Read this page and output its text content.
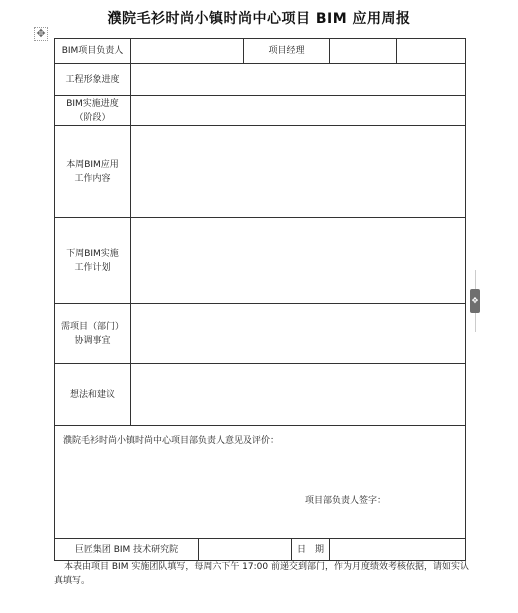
濮院毛衫时尚小镇时尚中心项目 BIM 应用周报
✥
BIM项目负责人			项目经理			
工程形象进度						

BIM实施进度
（阶段）						

本周BIM应用
工作内容						

下周BIM实施
工作计划						

需项目（部门）
协调事宜						

想法和建议						

濮院毛衫时尚小镇时尚中心项目部负责人意见及评价：
项目部负责人签字：						

巨匠集团 BIM 技术研究院				日　期		
本表由项目 BIM 实施团队填写，每周六下午 17:00 前递交到部门，作为月度绩效考核依据，请如实认真填写。
✥
